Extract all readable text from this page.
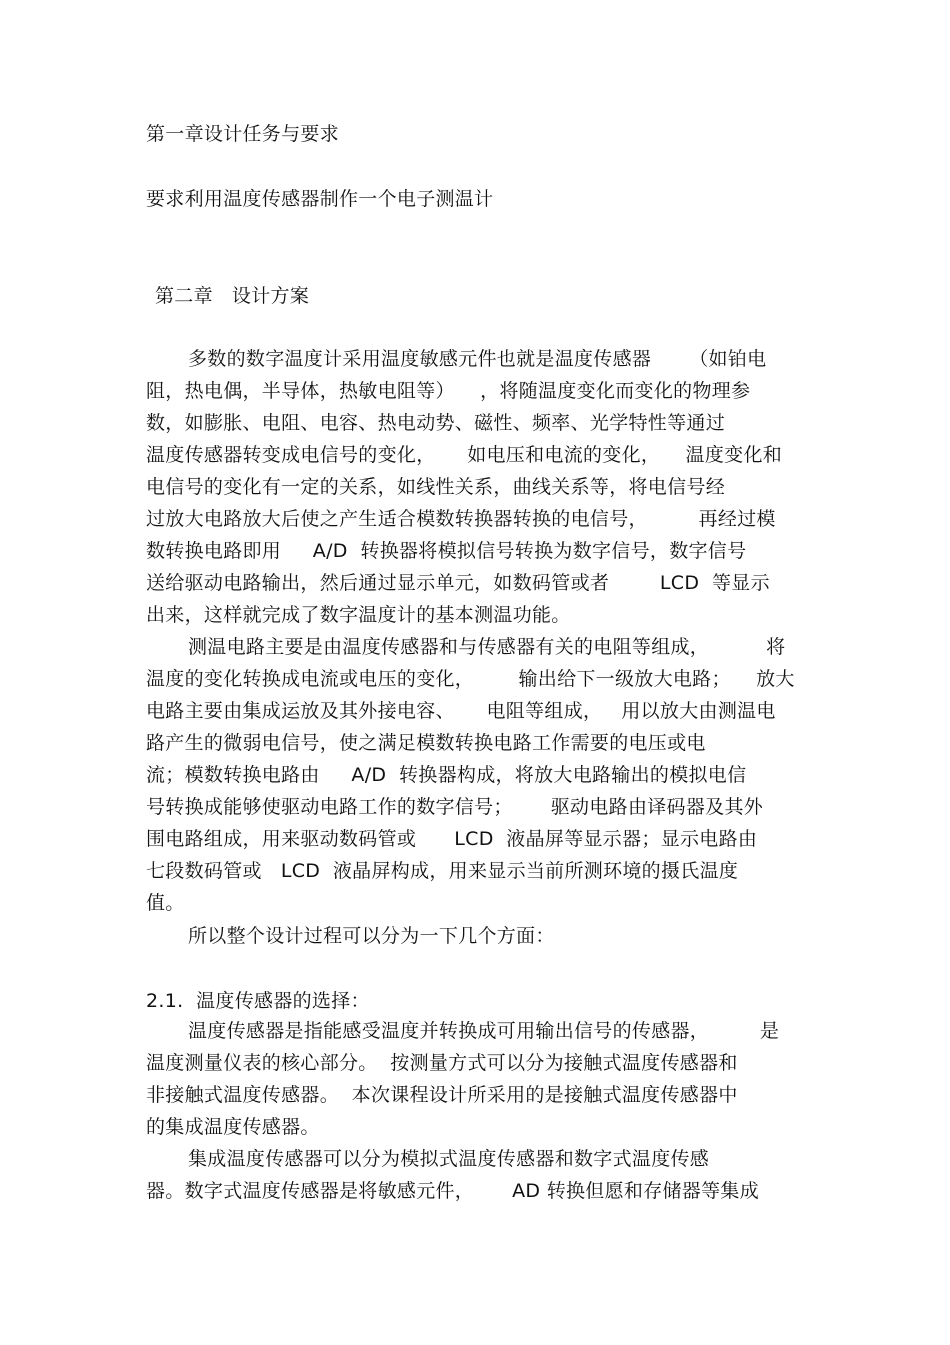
第一章设计任务与要求
要求利用温度传感器制作一个电子测温计
第二章   设计方案
多数的数字温度计采用温度敏感元件也就是温度传感器      （如铂电
阻，热电偶，半导体，热敏电阻等）    ，将随温度变化而变化的物理参
数，如膨胀、电阻、电容、热电动势、磁性、频率、光学特性等通过
温度传感器转变成电信号的变化，     如电压和电流的变化，    温度变化和
电信号的变化有一定的关系，如线性关系，曲线关系等，将电信号经
过放大电路放大后使之产生适合模数转换器转换的电信号，        再经过模
数转换电路即用     A/D  转换器将模拟信号转换为数字信号，数字信号
送给驱动电路输出，然后通过显示单元，如数码管或者        LCD  等显示
出来，这样就完成了数字温度计的基本测温功能。
测温电路主要是由温度传感器和与传感器有关的电阻等组成，         将
温度的变化转换成电流或电压的变化，       输出给下一级放大电路；    放大
电路主要由集成运放及其外接电容、     电阻等组成，   用以放大由测温电
路产生的微弱电信号，使之满足模数转换电路工作需要的电压或电
流；模数转换电路由     A/D  转换器构成，将放大电路输出的模拟电信
号转换成能够使驱动电路工作的数字信号；      驱动电路由译码器及其外
围电路组成，用来驱动数码管或      LCD  液晶屏等显示器；显示电路由
七段数码管或   LCD  液晶屏构成，用来显示当前所测环境的摄氏温度
值。
所以整个设计过程可以分为一下几个方面：
2.1.  温度传感器的选择：
温度传感器是指能感受温度并转换成可用输出信号的传感器，        是
温度测量仪表的核心部分。  按测量方式可以分为接触式温度传感器和
非接触式温度传感器。  本次课程设计所采用的是接触式温度传感器中
的集成温度传感器。
集成温度传感器可以分为模拟式温度传感器和数字式温度传感
器。数字式温度传感器是将敏感元件，      AD 转换但愿和存储器等集成
